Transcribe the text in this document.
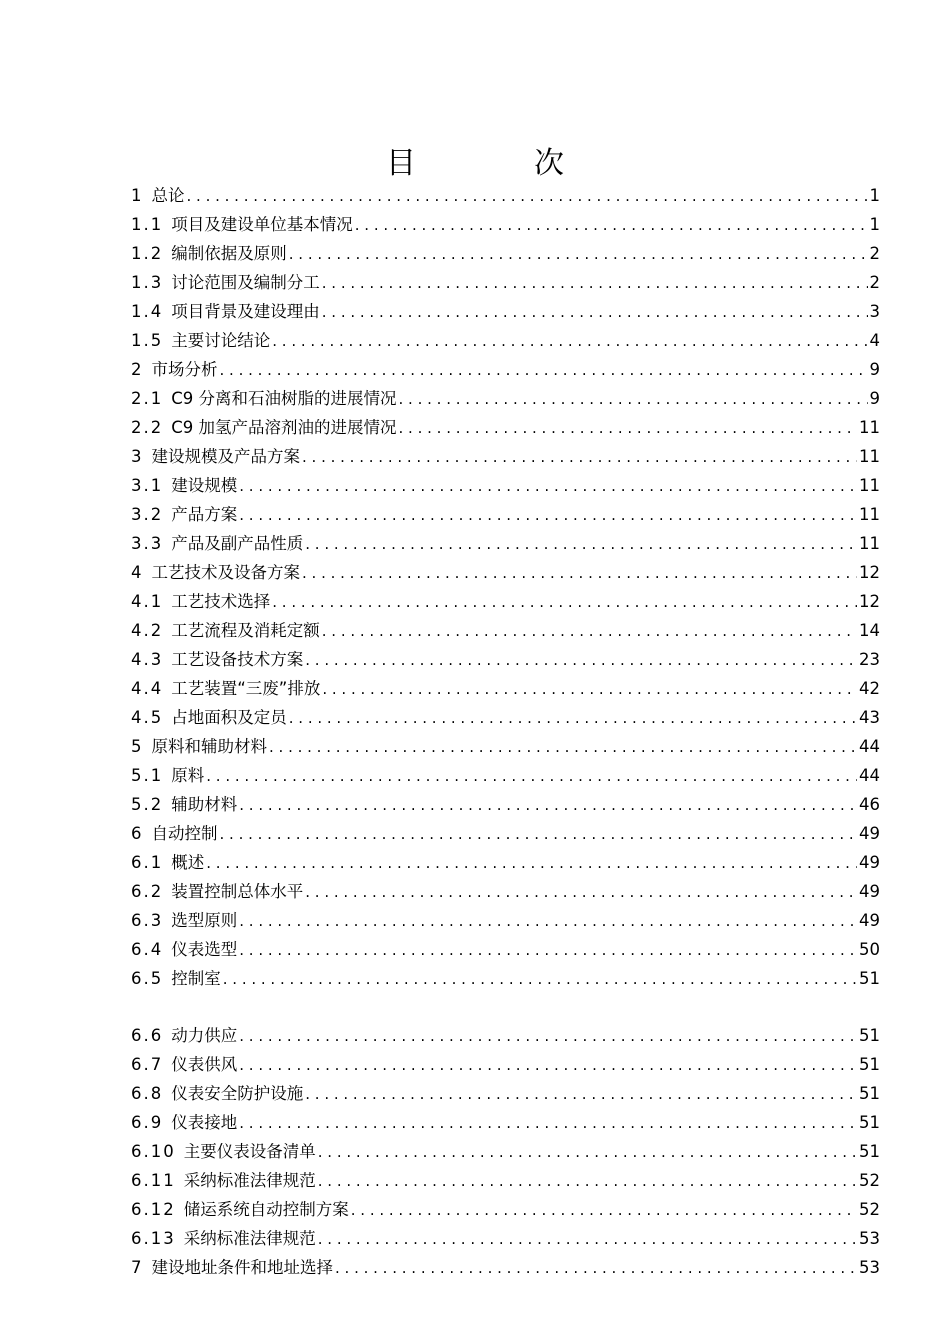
目　次
1 总论 . . .	1
1.1 项目及建设单位基本情况 . . .	1
1.2 编制依据及原则 . . .	2
1.3 讨论范围及编制分工 . . .	2
1.4 项目背景及建设理由 . . .	3
1.5 主要讨论结论 . . .	4
2 市场分析 . . .	9
2.1 C9 分离和石油树脂的进展情况 . . .	9
2.2 C9 加氢产品溶剂油的进展情况 . . .	11
3 建设规模及产品方案 . . .	11
3.1 建设规模 . . .	11
3.2 产品方案 . . .	11
3.3 产品及副产品性质 . . .	11
4 工艺技术及设备方案 . . .	12
4.1 工艺技术选择 . . .	12
4.2 工艺流程及消耗定额 . . .	14
4.3 工艺设备技术方案 . . .	23
4.4 工艺装置“三废”排放 . . .	42
4.5 占地面积及定员 . . .	43
5 原料和辅助材料 . . .	44
5.1 原料 . . .	44
5.2 辅助材料 . . .	46
6 自动控制 . . .	49
6.1 概述 . . .	49
6.2 装置控制总体水平 . . .	49
6.3 选型原则 . . .	49
6.4 仪表选型 . . .	50
6.5 控制室 . . .	51
6.6 动力供应 . . .	51
6.7 仪表供风 . . .	51
6.8 仪表安全防护设施 . . .	51
6.9 仪表接地 . . .	51
6.10 主要仪表设备清单 . . .	51
6.11 采纳标准法律规范 . . .	52
6.12 储运系统自动控制方案 . . .	52
6.13 采纳标准法律规范 . . .	53
7 建设地址条件和地址选择 . . .	53
